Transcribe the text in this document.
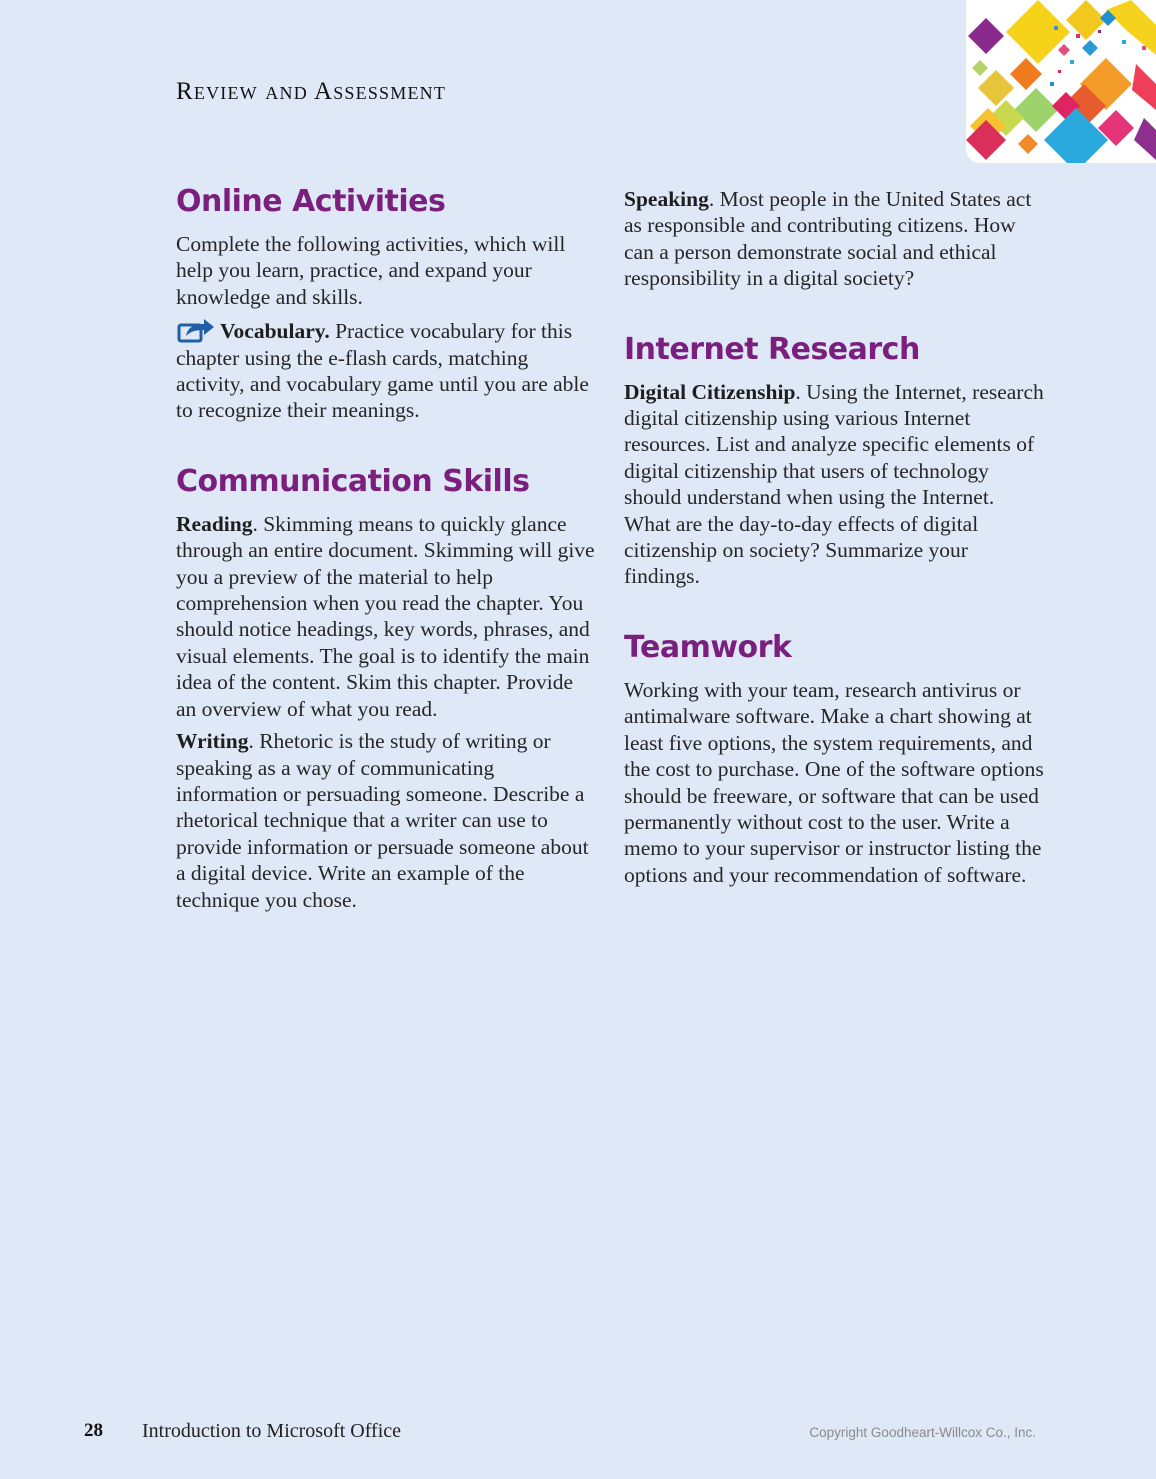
Review and Assessment
Online Activities

Complete the following activities, which will help you learn, practice, and expand your knowledge and skills.

Vocabulary. Practice vocabulary for this chapter using the e-flash cards, matching activity, and vocabulary game until you are able to recognize their meanings.

Communication Skills

Reading. Skimming means to quickly glance through an entire document. Skimming will give you a preview of the material to help comprehension when you read the chapter. You should notice headings, key words, phrases, and visual elements. The goal is to identify the main idea of the content. Skim this chapter. Provide an overview of what you read.

Writing. Rhetoric is the study of writing or speaking as a way of communicating information or persuading someone. Describe a rhetorical technique that a writer can use to provide information or persuade someone about a digital device. Write an example of the technique you chose.

Speaking. Most people in the United States act as responsible and contributing citizens. How can a person demonstrate social and ethical responsibility in a digital society?

Internet Research

Digital Citizenship. Using the Internet, research digital citizenship using various Internet resources. List and analyze specific elements of digital citizenship that users of technology should understand when using the Internet. What are the day-to-day effects of digital citizenship on society? Summarize your findings.

Teamwork

Working with your team, research antivirus or antimalware software. Make a chart showing at least five options, the system requirements, and the cost to purchase. One of the software options should be freeware, or software that can be used permanently without cost to the user. Write a memo to your supervisor or instructor listing the options and your recommendation of software.

28 Introduction to Microsoft Office	Copyright Goodheart-Willcox Co., Inc.
